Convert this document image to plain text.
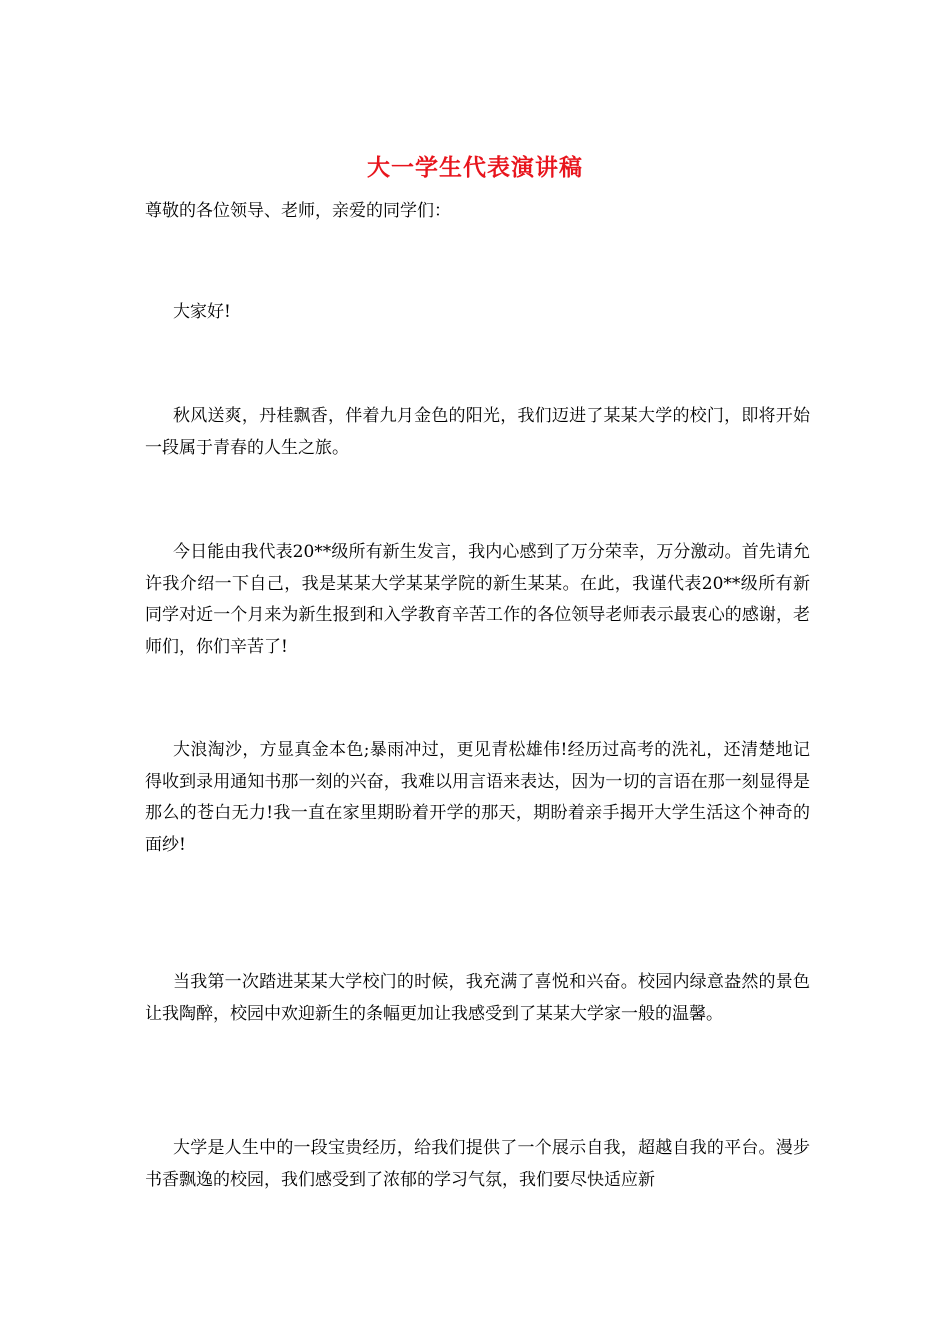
大一学生代表演讲稿
尊敬的各位领导、老师，亲爱的同学们：

大家好!

秋风送爽，丹桂飘香，伴着九月金色的阳光，我们迈进了某某大学的校门，即将开始一段属于青春的人生之旅。

今日能由我代表20**级所有新生发言，我内心感到了万分荣幸，万分激动。首先请允许我介绍一下自己，我是某某大学某某学院的新生某某。在此，我谨代表20**级所有新同学对近一个月来为新生报到和入学教育辛苦工作的各位领导老师表示最衷心的感谢，老师们，你们辛苦了!

大浪淘沙，方显真金本色;暴雨冲过，更见青松雄伟!经历过高考的洗礼，还清楚地记得收到录用通知书那一刻的兴奋，我难以用言语来表达，因为一切的言语在那一刻显得是那么的苍白无力!我一直在家里期盼着开学的那天，期盼着亲手揭开大学生活这个神奇的面纱!

当我第一次踏进某某大学校门的时候，我充满了喜悦和兴奋。校园内绿意盎然的景色让我陶醉，校园中欢迎新生的条幅更加让我感受到了某某大学家一般的温馨。

大学是人生中的一段宝贵经历，给我们提供了一个展示自我，超越自我的平台。漫步书香飘逸的校园，我们感受到了浓郁的学习气氛，我们要尽快适应新
